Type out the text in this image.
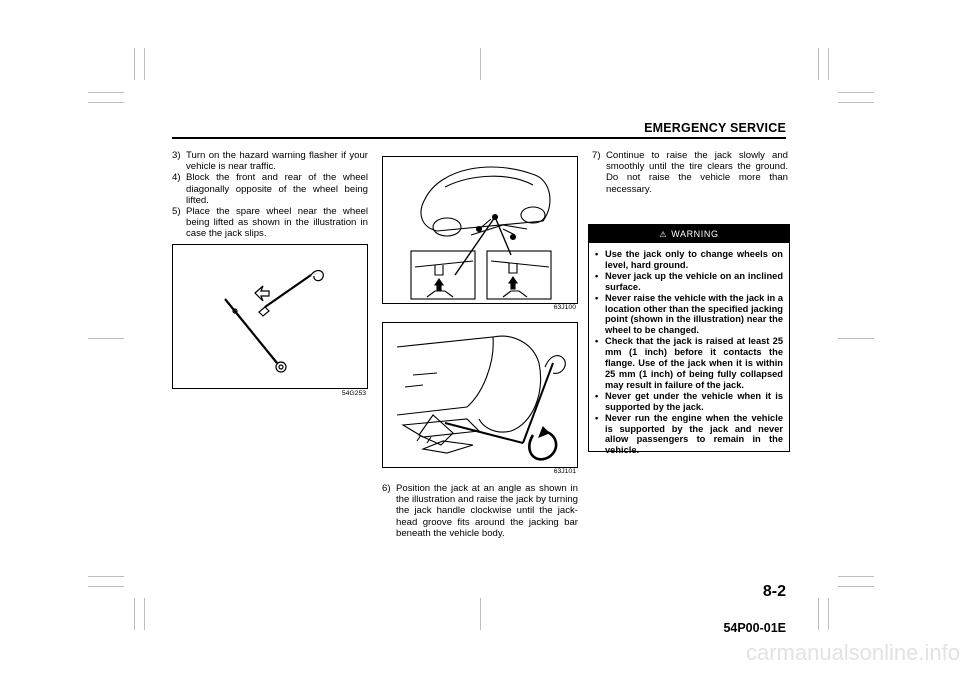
EMERGENCY SERVICE
3) Turn on the hazard warning flasher if your vehicle is near traffic.
4) Block the front and rear of the wheel diagonally opposite of the wheel being lifted.
5) Place the spare wheel near the wheel being lifted as shown in the illustration in case the jack slips.
54G253
63J100
63J101
6) Position the jack at an angle as shown in the illustration and raise the jack by turning the jack handle clockwise until the jack-head groove fits around the jacking bar beneath the vehicle body.
7) Continue to raise the jack slowly and smoothly until the tire clears the ground. Do not raise the vehicle more than necessary.
⚠ WARNING
• Use the jack only to change wheels on level, hard ground.
• Never jack up the vehicle on an inclined surface.
• Never raise the vehicle with the jack in a location other than the specified jacking point (shown in the illustration) near the wheel to be changed.
• Check that the jack is raised at least 25 mm (1 inch) before it contacts the flange. Use of the jack when it is within 25 mm (1 inch) of being fully collapsed may result in failure of the jack.
• Never get under the vehicle when it is supported by the jack.
• Never run the engine when the vehicle is supported by the jack and never allow passengers to remain in the vehicle.
8-2
54P00-01E
carmanualsonline.info
